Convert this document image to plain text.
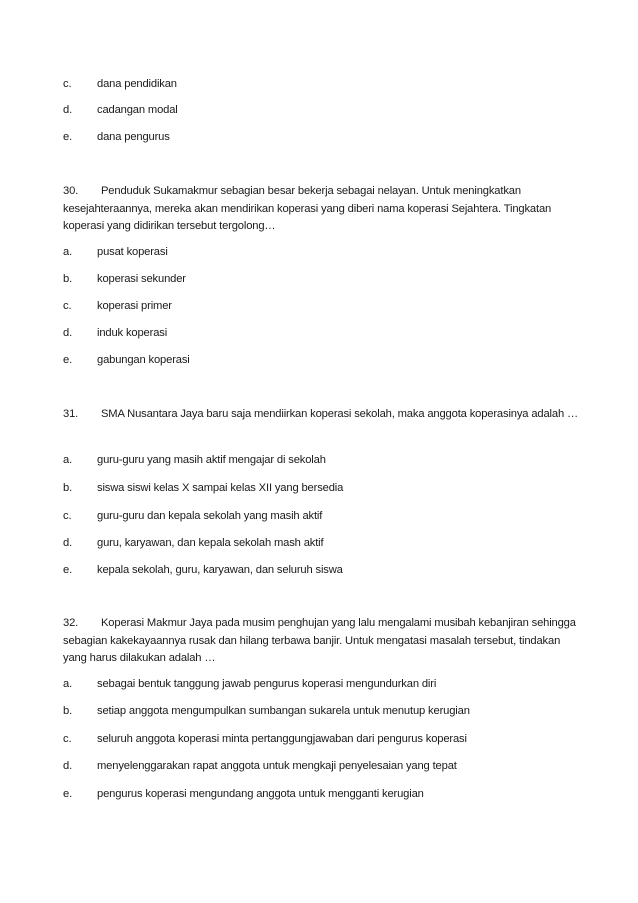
c. dana pendidikan
d. cadangan modal
e. dana pengurus
30. Penduduk Sukamakmur sebagian besar bekerja sebagai nelayan. Untuk meningkatkan kesejahteraannya, mereka akan mendirikan koperasi yang diberi nama koperasi Sejahtera. Tingkatan koperasi yang didirikan tersebut tergolong…
a. pusat koperasi
b. koperasi sekunder
c. koperasi primer
d. induk koperasi
e. gabungan koperasi
31. SMA Nusantara Jaya baru saja mendiirkan koperasi sekolah, maka anggota koperasinya adalah …
a. guru-guru yang masih aktif mengajar di sekolah
b. siswa siswi kelas X sampai kelas XII yang bersedia
c. guru-guru dan kepala sekolah yang masih aktif
d. guru, karyawan, dan kepala sekolah mash aktif
e. kepala sekolah, guru, karyawan, dan seluruh siswa
32. Koperasi Makmur Jaya pada musim penghujan yang lalu mengalami musibah kebanjiran sehingga sebagian kakekayaannya rusak dan hilang terbawa banjir. Untuk mengatasi masalah tersebut, tindakan yang harus dilakukan adalah …
a. sebagai bentuk tanggung jawab pengurus koperasi mengundurkan diri
b. setiap anggota mengumpulkan sumbangan sukarela untuk menutup kerugian
c. seluruh anggota koperasi minta pertanggungjawaban dari pengurus koperasi
d. menyelenggarakan rapat anggota untuk mengkaji penyelesaian yang tepat
e. pengurus koperasi mengundang anggota untuk mengganti kerugian
